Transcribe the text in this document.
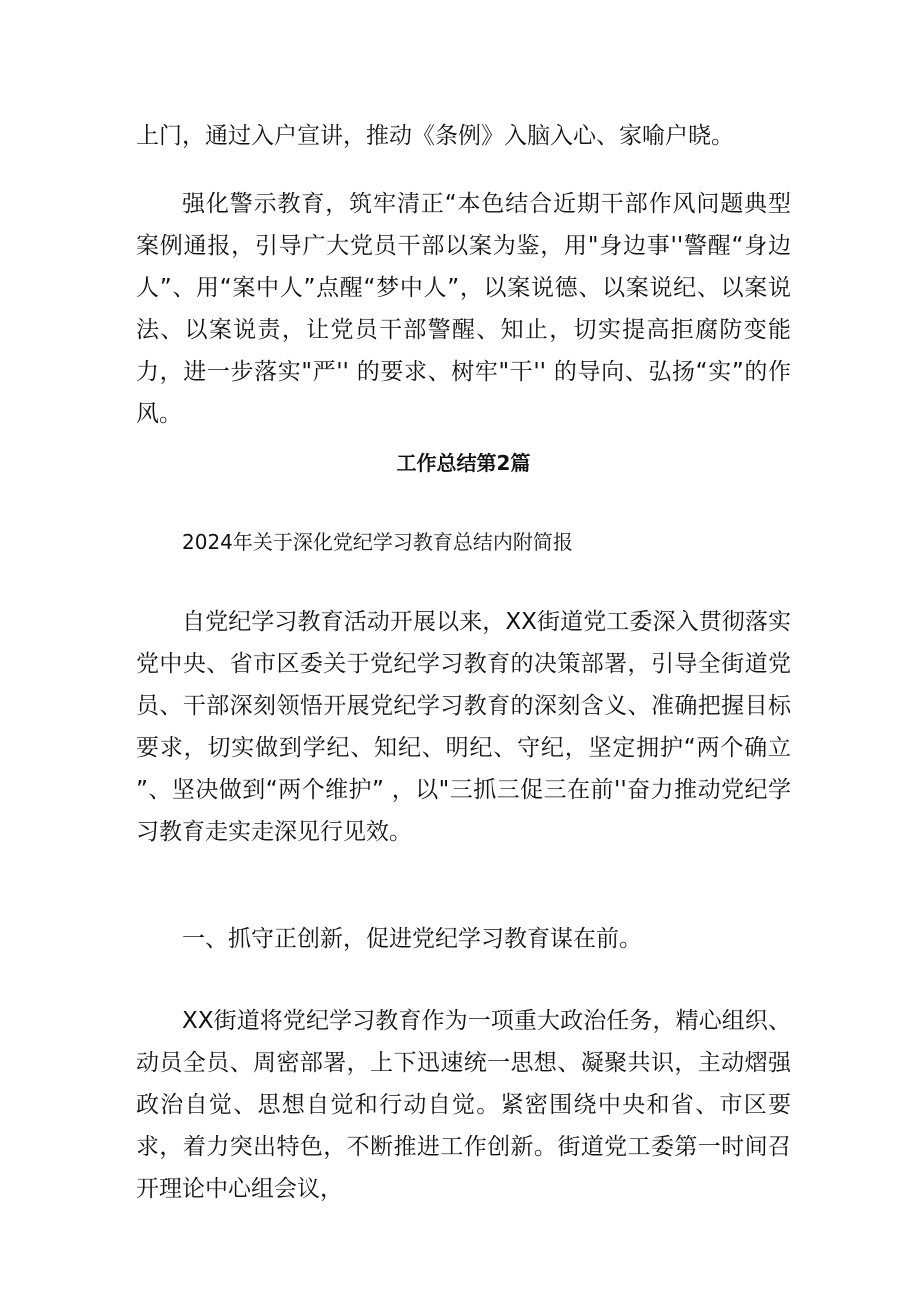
上门，通过入户宣讲，推动《条例》入脑入心、家喻户晓。

强化警示教育，筑牢清正“本色结合近期干部作风问题典型案例通报，引导广大党员干部以案为鉴，用"身边事''警醒“身边人”、用“案中人”点醒“梦中人”，以案说德、以案说纪、以案说法、以案说责，让党员干部警醒、知止，切实提高拒腐防变能力，进一步落实"严'' 的要求、树牢"干'' 的导向、弘扬“实”的作风。

工作总结第2篇

2024年关于深化党纪学习教育总结内附简报

自党纪学习教育活动开展以来，XX街道党工委深入贯彻落实党中央、省市区委关于党纪学习教育的决策部署，引导全街道党员、干部深刻领悟开展党纪学习教育的深刻含义、准确把握目标要求，切实做到学纪、知纪、明纪、守纪，坚定拥护“两个确立 ”、坚决做到“两个维护” ，以"三抓三促三在前''奋力推动党纪学习教育走实走深见行见效。

一、抓守正创新，促进党纪学习教育谋在前。

XX街道将党纪学习教育作为一项重大政治任务，精心组织、动员全员、周密部署，上下迅速统一思想、凝聚共识，主动熠强政治自觉、思想自觉和行动自觉。紧密围绕中央和省、市区要求，着力突出特色，不断推进工作创新。街道党工委第一时间召开理论中心组会议，
